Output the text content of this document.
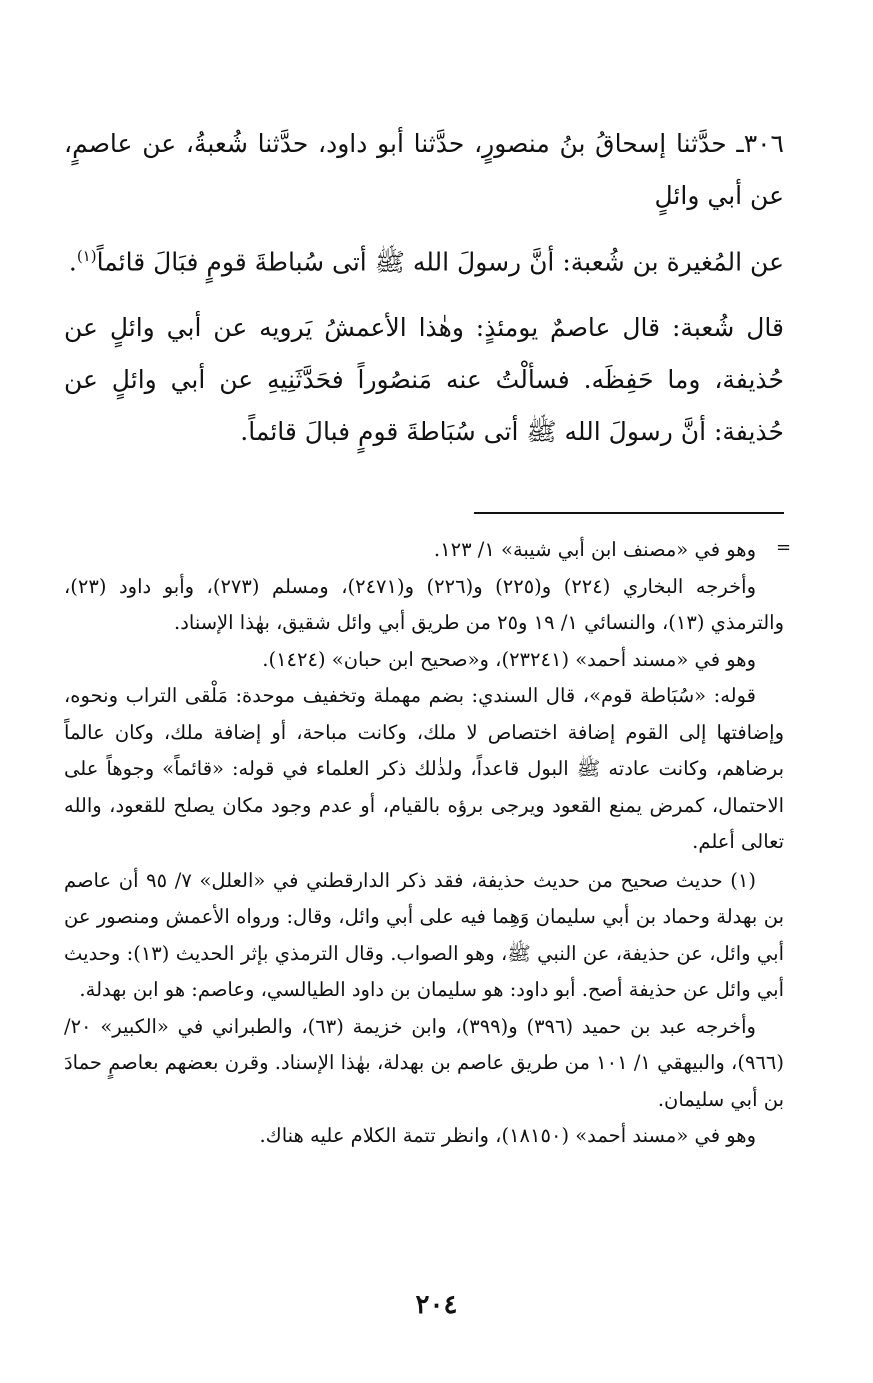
٣٠٦ـ حدَّثنا إسحاقُ بنُ منصورٍ، حدَّثنا أبو داود، حدَّثنا شُعبةُ، عن عاصمٍ، عن أبي وائلٍ

عن المُغيرة بن شُعبة: أنَّ رسولَ الله ﷺ أتى سُباطةَ قومٍ فبَالَ قائماً$^{(١)}$.

قال شُعبة: قال عاصمٌ يومئذٍ: وهٰذا الأعمشُ يَرويه عن أبي وائلٍ عن حُذيفة، وما حَفِظَه. فسألْتُ عنه مَنصُوراً فحَدَّثَنِيهِ عن أبي وائلٍ عن حُذيفة: أنَّ رسولَ الله ﷺ أتى سُبَاطةَ قومٍ فبالَ قائماً.

=

وهو في «مصنف ابن أبي شيبة» ١/ ١٢٣.

وأخرجه البخاري (٢٢٤) و(٢٢٥) و(٢٢٦) و(٢٤٧١)، ومسلم (٢٧٣)، وأبو داود (٢٣)، والترمذي (١٣)، والنسائي ١/ ١٩ و٢٥ من طريق أبي وائل شقيق، بهٰذا الإسناد.

وهو في «مسند أحمد» (٢٣٢٤١)، و«صحيح ابن حبان» (١٤٢٤).

قوله: «سُبَاطة قوم»، قال السندي: بضم مهملة وتخفيف موحدة: مَلْقى التراب ونحوه، وإضافتها إلى القوم إضافة اختصاص لا ملك، وكانت مباحة، أو إضافة ملك، وكان عالماً برضاهم، وكانت عادته ﷺ البول قاعداً، ولذٰلك ذكر العلماء في قوله: «قائماً» وجوهاً على الاحتمال، كمرض يمنع القعود ويرجى برؤه بالقيام، أو عدم وجود مكان يصلح للقعود، والله تعالى أعلم.

(١) حديث صحيح من حديث حذيفة، فقد ذكر الدارقطني في «العلل» ٧/ ٩٥ أن عاصم بن بهدلة وحماد بن أبي سليمان وَهِما فيه على أبي وائل، وقال: ورواه الأعمش ومنصور عن أبي وائل، عن حذيفة، عن النبي ﷺ، وهو الصواب. وقال الترمذي بإثر الحديث (١٣): وحديث أبي وائل عن حذيفة أصح. أبو داود: هو سليمان بن داود الطيالسي، وعاصم: هو ابن بهدلة.

وأخرجه عبد بن حميد (٣٩٦) و(٣٩٩)، وابن خزيمة (٦٣)، والطبراني في «الكبير» ٢٠/ (٩٦٦)، والبيهقي ١/ ١٠١ من طريق عاصم بن بهدلة، بهٰذا الإسناد. وقرن بعضهم بعاصمٍ حمادَ بن أبي سليمان.

وهو في «مسند أحمد» (١٨١٥٠)، وانظر تتمة الكلام عليه هناك.

٢٠٤
